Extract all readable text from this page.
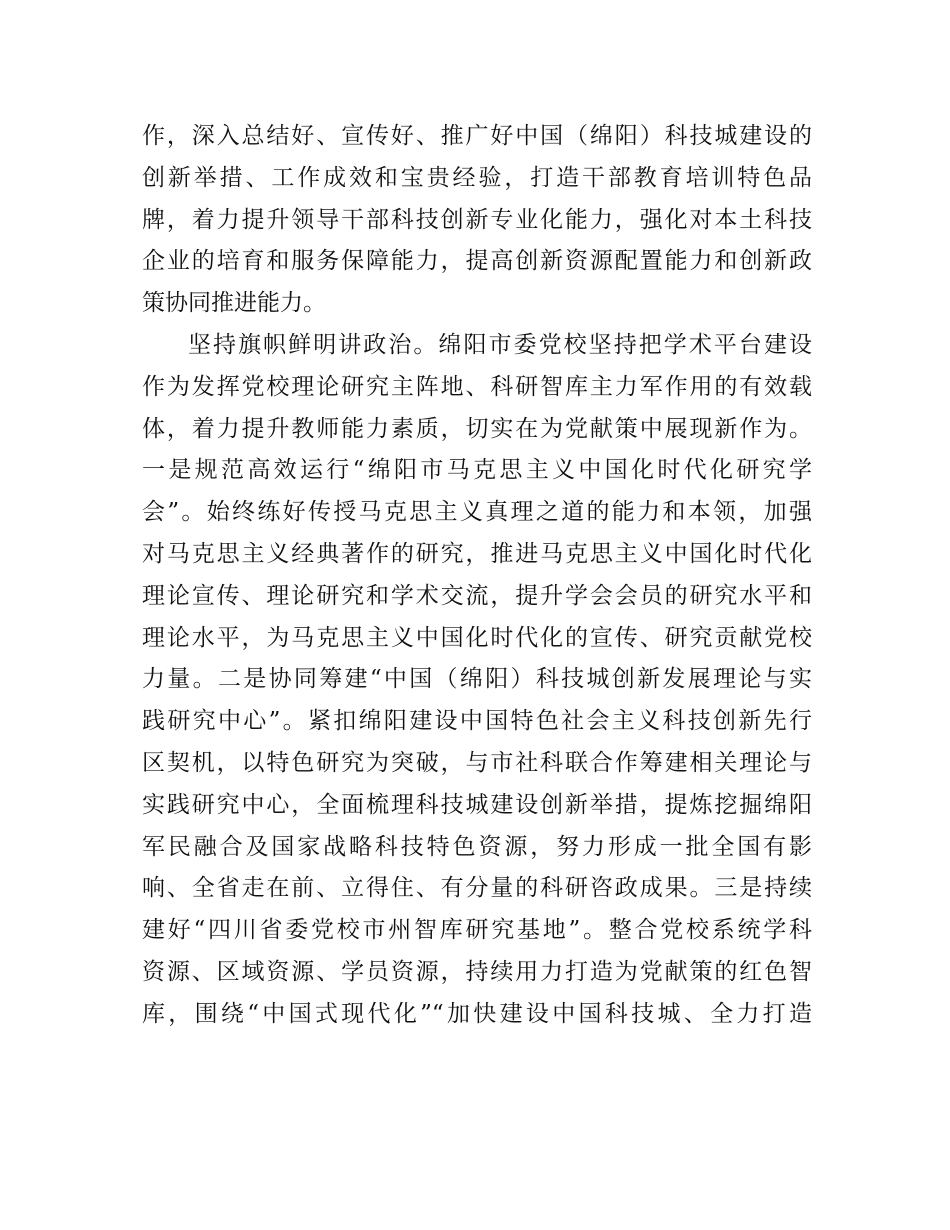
作，深入总结好、宣传好、推广好中国（绵阳）科技城建设的
创新举措、工作成效和宝贵经验，打造干部教育培训特色品
牌，着力提升领导干部科技创新专业化能力，强化对本土科技
企业的培育和服务保障能力，提高创新资源配置能力和创新政
策协同推进能力。
坚持旗帜鲜明讲政治。绵阳市委党校坚持把学术平台建设
作为发挥党校理论研究主阵地、科研智库主力军作用的有效载
体，着力提升教师能力素质，切实在为党献策中展现新作为。
一是规范高效运行“绵阳市马克思主义中国化时代化研究学
会”。始终练好传授马克思主义真理之道的能力和本领，加强
对马克思主义经典著作的研究，推进马克思主义中国化时代化
理论宣传、理论研究和学术交流，提升学会会员的研究水平和
理论水平，为马克思主义中国化时代化的宣传、研究贡献党校
力量。二是协同筹建“中国（绵阳）科技城创新发展理论与实
践研究中心”。紧扣绵阳建设中国特色社会主义科技创新先行
区契机，以特色研究为突破，与市社科联合作筹建相关理论与
实践研究中心，全面梳理科技城建设创新举措，提炼挖掘绵阳
军民融合及国家战略科技特色资源，努力形成一批全国有影
响、全省走在前、立得住、有分量的科研咨政成果。三是持续
建好“四川省委党校市州智库研究基地”。整合党校系统学科
资源、区域资源、学员资源，持续用力打造为党献策的红色智
库，围绕“中国式现代化”“加快建设中国科技城、全力打造
